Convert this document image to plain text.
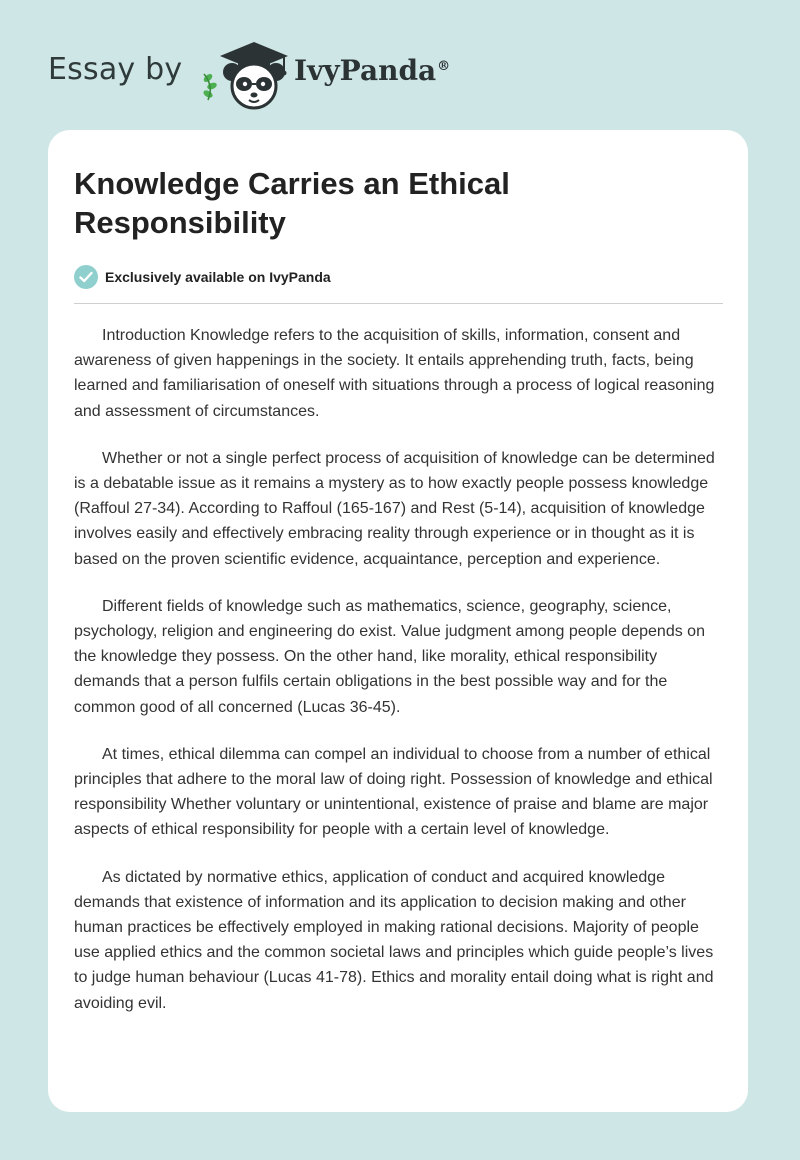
Essay by	IvyPanda®
Knowledge Carries an Ethical Responsibility
Exclusively available on IvyPanda

Introduction Knowledge refers to the acquisition of skills, information, consent and awareness of given happenings in the society. It entails apprehending truth, facts, being learned and familiarisation of oneself with situations through a process of logical reasoning and assessment of circumstances.

Whether or not a single perfect process of acquisition of knowledge can be determined is a debatable issue as it remains a mystery as to how exactly people possess knowledge (Raffoul 27-34). According to Raffoul (165-167) and Rest (5-14), acquisition of knowledge involves easily and effectively embracing reality through experience or in thought as it is based on the proven scientific evidence, acquaintance, perception and experience.

Different fields of knowledge such as mathematics, science, geography, science, psychology, religion and engineering do exist. Value judgment among people depends on the knowledge they possess. On the other hand, like morality, ethical responsibility demands that a person fulfils certain obligations in the best possible way and for the common good of all concerned (Lucas 36-45).

At times, ethical dilemma can compel an individual to choose from a number of ethical principles that adhere to the moral law of doing right. Possession of knowledge and ethical responsibility Whether voluntary or unintentional, existence of praise and blame are major aspects of ethical responsibility for people with a certain level of knowledge.

As dictated by normative ethics, application of conduct and acquired knowledge demands that existence of information and its application to decision making and other human practices be effectively employed in making rational decisions. Majority of people use applied ethics and the common societal laws and principles which guide people’s lives to judge human behaviour (Lucas 41-78). Ethics and morality entail doing what is right and avoiding evil.
